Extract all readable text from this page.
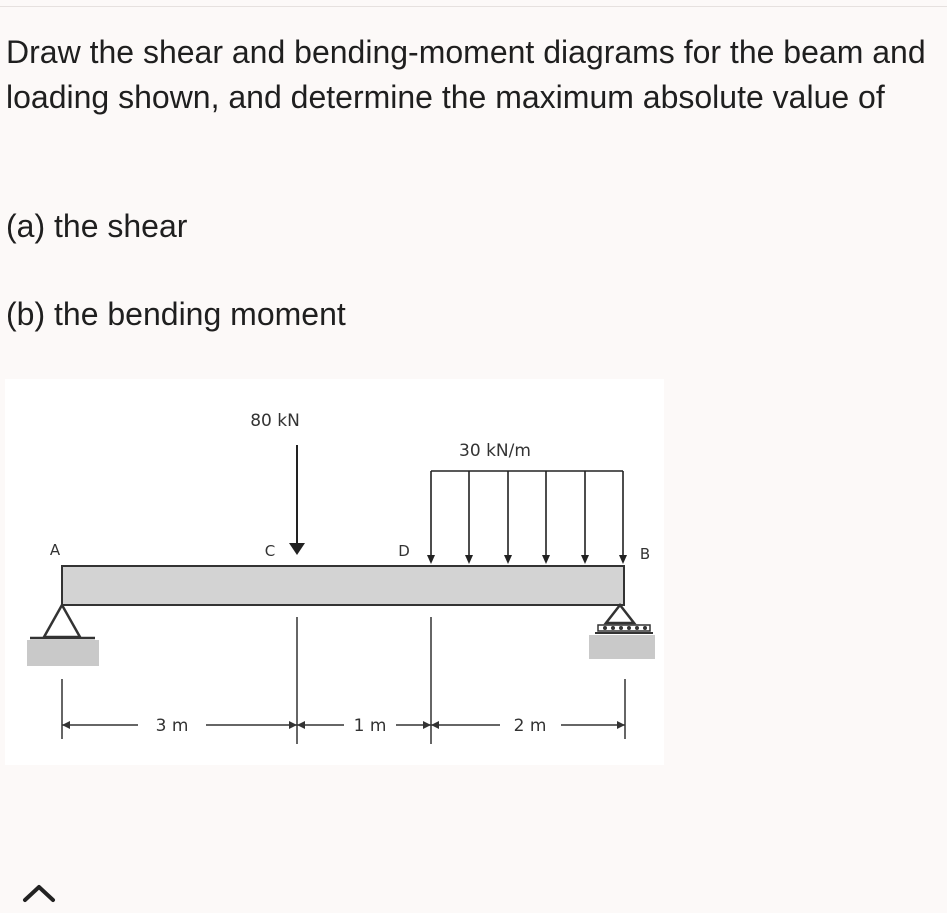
Draw the shear and bending-moment diagrams for the beam and loading shown, and determine the maximum absolute value of

(a) the shear

(b) the bending moment

80 kN
30 kN/m
A	C	D	B
3 m	1 m	2 m
